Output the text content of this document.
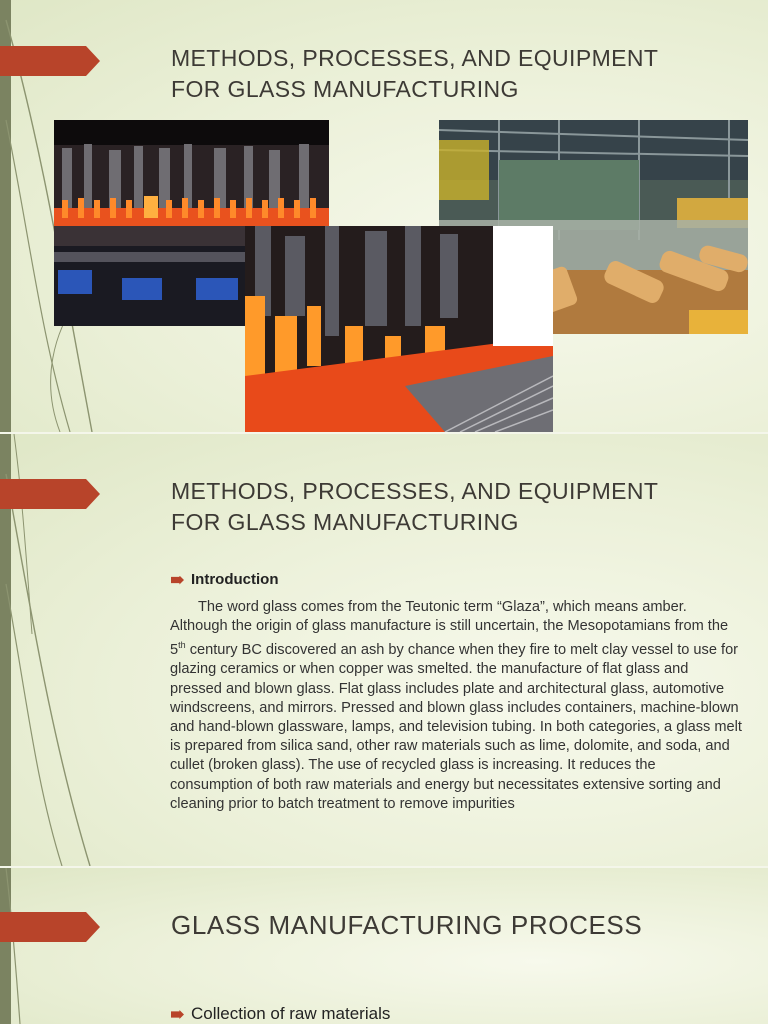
METHODS, PROCESSES, AND EQUIPMENT
FOR GLASS MANUFACTURING
METHODS, PROCESSES, AND EQUIPMENT
FOR GLASS MANUFACTURING
Introduction

The word glass comes from the Teutonic term “Glaza”, which means amber. Although the origin of glass manufacture is still uncertain, the Mesopotamians from the 5th century BC discovered an ash by chance when they fire to melt clay vessel to use for glazing ceramics or when copper was smelted. the manufacture of flat glass and pressed and blown glass. Flat glass includes plate and architectural glass, automotive windscreens, and mirrors. Pressed and blown glass includes containers, machine-blown and hand-blown glassware, lamps, and television tubing. In both categories, a glass melt is prepared from silica sand, other raw materials such as lime, dolomite, and soda, and cullet (broken glass). The use of recycled glass is increasing. It reduces the consumption of both raw materials and energy but necessitates extensive sorting and cleaning prior to batch treatment to remove impurities

GLASS MANUFACTURING PROCESS
Collection of raw materials
